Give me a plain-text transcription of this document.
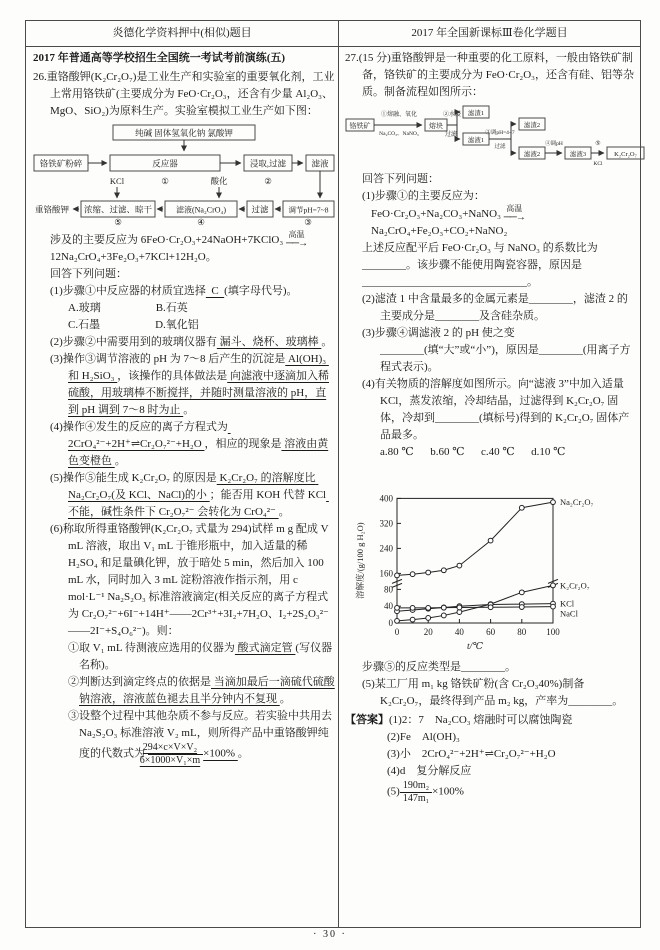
炎德化学资料押中(相似)题目	2017 年全国新课标Ⅲ卷化学题目
2017 年普通高等学校招生全国统一考试考前演练(五)
26.重铬酸钾(K₂Cr₂O₇)是工业生产和实验室的重要氧化剂，工业上常用铬铁矿(主要成分为 FeO·Cr₂O₃，还含有少量 Al₂O₃、MgO、SiO₂)为原料生产。实验室模拟工业生产如下图：
纯碱 固体氢氧化钠 氯酸钾
铬铁矿粉碎	反应器	浸取,过滤	滤液
KCl	①	酸化	②
重铬酸钾 浓缩、过滤、晾干	滤液(Na₂CrO₄)	过滤	调节pH=7~8
⑤	④	③
涉及的主要反应为 6FeO·Cr₂O₃+24NaOH+7KClO₃ 高温
──→ 12Na₂CrO₄+3Fe₂O₃+7KCl+12H₂O。
回答下列问题：
(1)步骤①中反应器的材质宜选择  C  (填字母代号)。
A.玻璃                    B.石英
C.石墨                    D.氧化铝
(2)步骤②中需要用到的玻璃仪器有 漏斗、烧杯、玻璃棒 。
(3)操作③调节溶液的 pH 为 7～8 后产生的沉淀是 Al(OH)₃ 和 H₂SiO₃ ，该操作的具体做法是 向滤液中逐滴加入稀硫酸，用玻璃棒不断搅拌，并随时测量溶液的 pH，直到 pH 调到 7～8 时为止 。
(4)操作④发生的反应的离子方程式为 2CrO₄²⁻+2H⁺⇌Cr₂O₇²⁻+H₂O ，相应的现象是 溶液由黄色变橙色 。
(5)操作⑤能生成 K₂Cr₂O₇ 的原因是 K₂Cr₂O₇ 的溶解度比 Na₂Cr₂O₇(及 KCl、NaCl)的小 ；能否用 KOH 代替 KCl 不能，碱性条件下 Cr₂O₇²⁻ 会转化为 CrO₄²⁻ 。
(6)称取所得重铬酸钾(K₂Cr₂O₇ 式量为 294)试样 m g 配成 V mL 溶液，取出 V₁ mL 于锥形瓶中，加入适量的稀 H₂SO₄ 和足量碘化钾，放于暗处 5 min，然后加入 100 mL 水，同时加入 3 mL 淀粉溶液作指示剂，用 c mol·L⁻¹ Na₂S₂O₃ 标准溶液滴定(相关反应的离子方程式为 Cr₂O₇²⁻+6I⁻+14H⁺——2Cr³⁺+3I₂+7H₂O、I₂+2S₂O₃²⁻——2I⁻+S₄O₆²⁻)。则：
①取 V₁ mL 待测液应选用的仪器为 酸式滴定管 (写仪器名称)。
②判断达到滴定终点的依据是 当滴加最后一滴硫代硫酸钠溶液，溶液蓝色褪去且半分钟内不复现 。
③设整个过程中其他杂质不参与反应。若实验中共用去 Na₂S₂O₃ 标准溶液 V₂ mL，则所得产品中重铬酸钾纯度的代数式为 $\frac{\text{294×c×V×V₂}}{\text{6×1000×V₁×m}} \times 100\%$ 。
27.(15 分)重铬酸钾是一种重要的化工原料，一般由铬铁矿制备，铬铁矿的主要成分为 FeO·Cr₂O₃，还含有硅、铝等杂质。制备流程如图所示：
铬铁矿
①熔融、氧化
Na₂CO₃、NaNO₃
熔块
②水浸
过滤
滤渣1
滤液1
③调pH=4~7
过滤
滤渣2
滤液2
④调pH
滤液3
⑤
KCl
K₂Cr₂O₇
回答下列问题：
(1)步骤①的主要反应为：
FeO·Cr₂O₃+Na₂CO₃+NaNO₃ 高温
──→ Na₂CrO₄+Fe₂O₃+CO₂+NaNO₂
上述反应配平后 FeO·Cr₂O₃ 与 NaNO₃ 的系数比为________。该步骤不能使用陶瓷容器，原因是______________________________。
(2)滤渣 1 中含量最多的金属元素是________，滤渣 2 的主要成分是________及含硅杂质。
(3)步骤④调滤液 2 的 pH 使之变________(填“大”或“小”)，原因是________(用离子方程式表示)。
(4)有关物质的溶解度如图所示。向“滤液 3”中加入适量 KCl，蒸发浓缩，冷却结晶，过滤得到 K₂Cr₂O₇ 固体，冷却到________(填标号)得到的 K₂Cr₂O₇ 固体产品最多。
a.80 ℃      b.60 ℃      c.40 ℃      d.10 ℃
0
40
80
160
240
320
400
0	20 40 60 80 100
Na₂Cr₂O₇
K₂Cr₂O₇
KCl
NaCl
t/℃
溶解度/(g/100 g H₂O)
步骤⑤的反应类型是________。
(5)某工厂用 m₁ kg 铬铁矿粉(含 Cr₂O₃40%)制备 K₂Cr₂O₇，最终得到产品 m₂ kg，产率为________。
【答案】(1)2：7　Na₂CO₃ 熔融时可以腐蚀陶瓷
(2)Fe　Al(OH)₃
(3)小　2CrO₄²⁻+2H⁺⇌Cr₂O₇²⁻+H₂O
(4)d　复分解反应
$(5) \frac{\text{190m₂}}{\text{147m₁}} \times 100\%$
· 30 ·
